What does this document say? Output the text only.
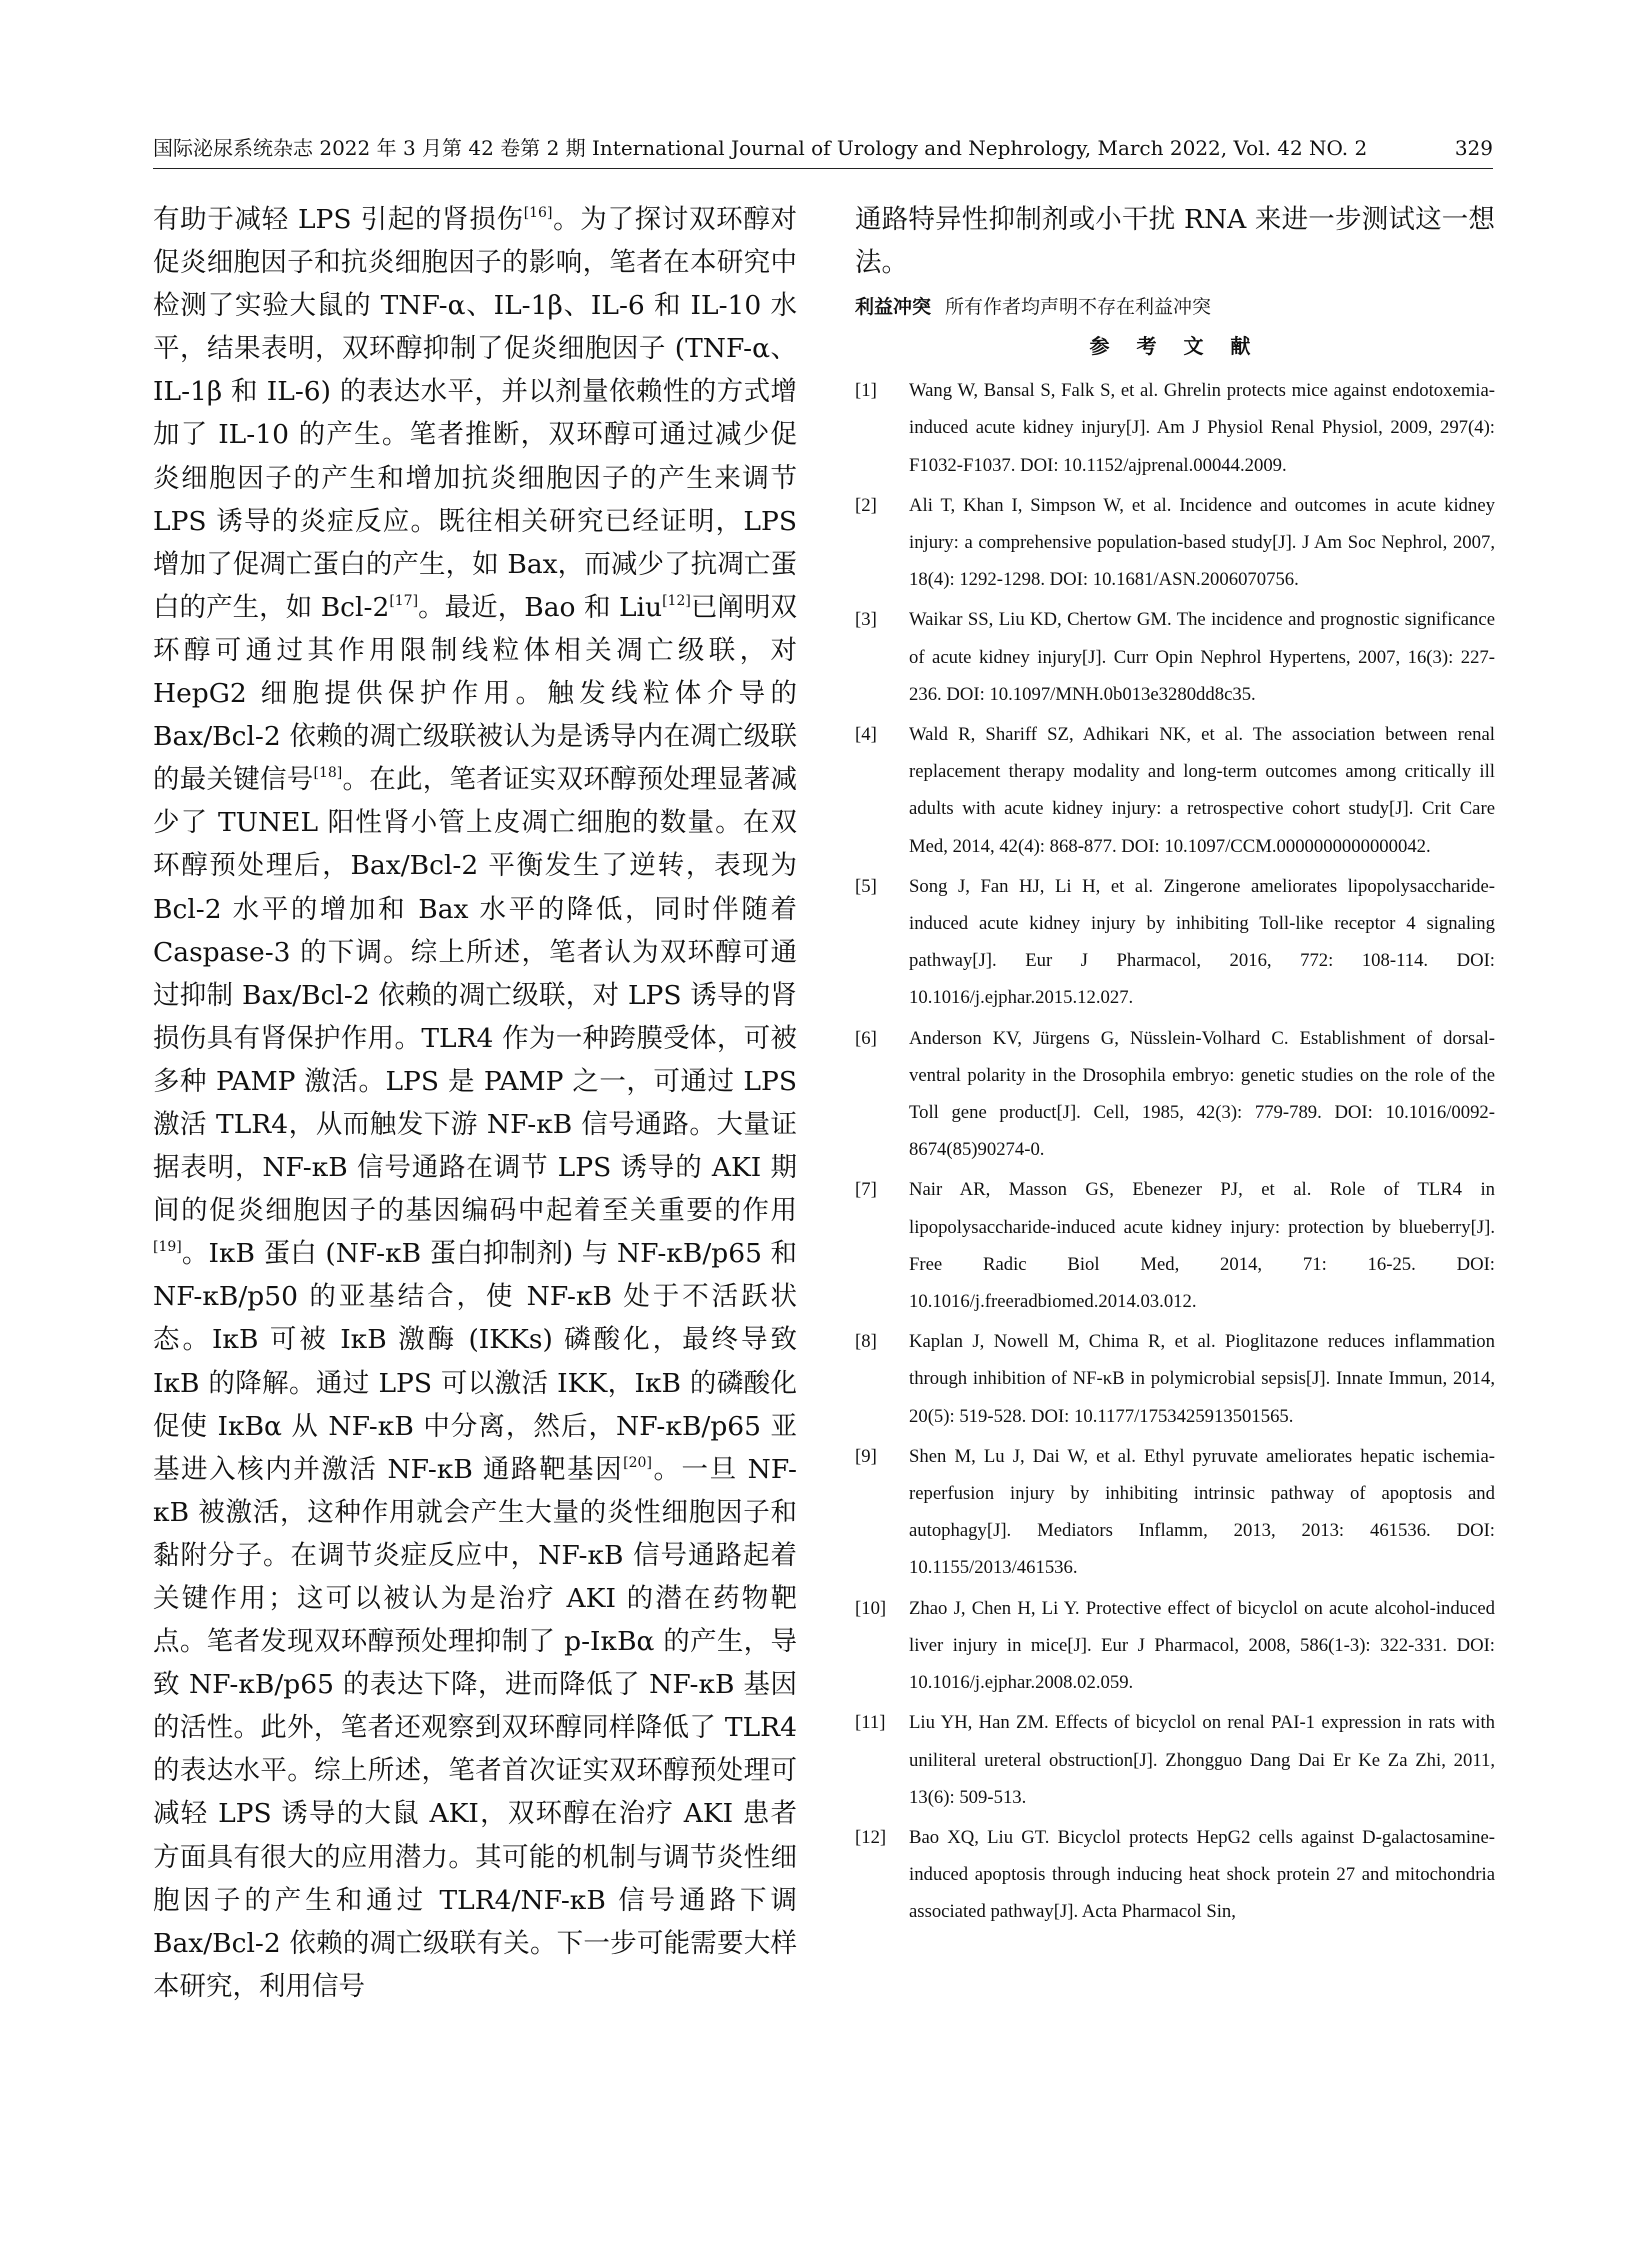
国际泌尿系统杂志 2022 年 3 月第 42 卷第 2 期 International Journal of Urology and Nephrology, March 2022, Vol. 42 NO. 2	329

有助于减轻 LPS 引起的肾损伤[16]。为了探讨双环醇对促炎细胞因子和抗炎细胞因子的影响，笔者在本研究中检测了实验大鼠的 TNF-α、IL-1β、IL-6 和 IL-10 水平，结果表明，双环醇抑制了促炎细胞因子 (TNF-α、IL-1β 和 IL-6) 的表达水平，并以剂量依赖性的方式增加了 IL-10 的产生。笔者推断，双环醇可通过减少促炎细胞因子的产生和增加抗炎细胞因子的产生来调节 LPS 诱导的炎症反应。既往相关研究已经证明，LPS 增加了促凋亡蛋白的产生，如 Bax，而减少了抗凋亡蛋白的产生，如 Bcl-2[17]。最近，Bao 和 Liu[12]已阐明双环醇可通过其作用限制线粒体相关凋亡级联，对 HepG2 细胞提供保护作用。触发线粒体介导的 Bax/Bcl-2 依赖的凋亡级联被认为是诱导内在凋亡级联的最关键信号[18]。在此，笔者证实双环醇预处理显著减少了 TUNEL 阳性肾小管上皮凋亡细胞的数量。在双环醇预处理后，Bax/Bcl-2 平衡发生了逆转，表现为 Bcl-2 水平的增加和 Bax 水平的降低，同时伴随着 Caspase-3 的下调。综上所述，笔者认为双环醇可通过抑制 Bax/Bcl-2 依赖的凋亡级联，对 LPS 诱导的肾损伤具有肾保护作用。TLR4 作为一种跨膜受体，可被多种 PAMP 激活。LPS 是 PAMP 之一，可通过 LPS 激活 TLR4，从而触发下游 NF-κB 信号通路。大量证据表明，NF-κB 信号通路在调节 LPS 诱导的 AKI 期间的促炎细胞因子的基因编码中起着至关重要的作用[19]。IκB 蛋白 (NF-κB 蛋白抑制剂) 与 NF-κB/p65 和 NF-κB/p50 的亚基结合，使 NF-κB 处于不活跃状态。IκB 可被 IκB 激酶 (IKKs) 磷酸化，最终导致 IκB 的降解。通过 LPS 可以激活 IKK，IκB 的磷酸化促使 IκBα 从 NF-κB 中分离，然后，NF-κB/p65 亚基进入核内并激活 NF-κB 通路靶基因[20]。一旦 NF-κB 被激活，这种作用就会产生大量的炎性细胞因子和黏附分子。在调节炎症反应中，NF-κB 信号通路起着关键作用；这可以被认为是治疗 AKI 的潜在药物靶点。笔者发现双环醇预处理抑制了 p-IκBα 的产生，导致 NF-κB/p65 的表达下降，进而降低了 NF-κB 基因的活性。此外，笔者还观察到双环醇同样降低了 TLR4 的表达水平。综上所述，笔者首次证实双环醇预处理可减轻 LPS 诱导的大鼠 AKI，双环醇在治疗 AKI 患者方面具有很大的应用潜力。其可能的机制与调节炎性细胞因子的产生和通过 TLR4/NF-κB 信号通路下调 Bax/Bcl-2 依赖的凋亡级联有关。下一步可能需要大样本研究，利用信号

通路特异性抑制剂或小干扰 RNA 来进一步测试这一想法。

利益冲突 所有作者均声明不存在利益冲突

参 考 文 献
[1] Wang W, Bansal S, Falk S, et al. Ghrelin protects mice against endotoxemia-induced acute kidney injury[J]. Am J Physiol Renal Physiol, 2009, 297(4): F1032-F1037. DOI: 10.1152/ajprenal.00044.2009.
[2] Ali T, Khan I, Simpson W, et al. Incidence and outcomes in acute kidney injury: a comprehensive population-based study[J]. J Am Soc Nephrol, 2007, 18(4): 1292-1298. DOI: 10.1681/ASN.2006070756.
[3] Waikar SS, Liu KD, Chertow GM. The incidence and prognostic significance of acute kidney injury[J]. Curr Opin Nephrol Hypertens, 2007, 16(3): 227-236. DOI: 10.1097/MNH.0b013e3280dd8c35.
[4] Wald R, Shariff SZ, Adhikari NK, et al. The association between renal replacement therapy modality and long-term outcomes among critically ill adults with acute kidney injury: a retrospective cohort study[J]. Crit Care Med, 2014, 42(4): 868-877. DOI: 10.1097/CCM.0000000000000042.
[5] Song J, Fan HJ, Li H, et al. Zingerone ameliorates lipopolysaccharide-induced acute kidney injury by inhibiting Toll-like receptor 4 signaling pathway[J]. Eur J Pharmacol, 2016, 772: 108-114. DOI: 10.1016/j.ejphar.2015.12.027.
[6] Anderson KV, Jürgens G, Nüsslein-Volhard C. Establishment of dorsal-ventral polarity in the Drosophila embryo: genetic studies on the role of the Toll gene product[J]. Cell, 1985, 42(3): 779-789. DOI: 10.1016/0092-8674(85)90274-0.
[7] Nair AR, Masson GS, Ebenezer PJ, et al. Role of TLR4 in lipopolysaccharide-induced acute kidney injury: protection by blueberry[J]. Free Radic Biol Med, 2014, 71: 16-25. DOI: 10.1016/j.freeradbiomed.2014.03.012.
[8] Kaplan J, Nowell M, Chima R, et al. Pioglitazone reduces inflammation through inhibition of NF-κB in polymicrobial sepsis[J]. Innate Immun, 2014, 20(5): 519-528. DOI: 10.1177/1753425913501565.
[9] Shen M, Lu J, Dai W, et al. Ethyl pyruvate ameliorates hepatic ischemia-reperfusion injury by inhibiting intrinsic pathway of apoptosis and autophagy[J]. Mediators Inflamm, 2013, 2013: 461536. DOI: 10.1155/2013/461536.
[10] Zhao J, Chen H, Li Y. Protective effect of bicyclol on acute alcohol-induced liver injury in mice[J]. Eur J Pharmacol, 2008, 586(1-3): 322-331. DOI: 10.1016/j.ejphar.2008.02.059.
[11] Liu YH, Han ZM. Effects of bicyclol on renal PAI-1 expression in rats with uniliteral ureteral obstruction[J]. Zhongguo Dang Dai Er Ke Za Zhi, 2011, 13(6): 509-513.
[12] Bao XQ, Liu GT. Bicyclol protects HepG2 cells against D-galactosamine-induced apoptosis through inducing heat shock protein 27 and mitochondria associated pathway[J]. Acta Pharmacol Sin,
